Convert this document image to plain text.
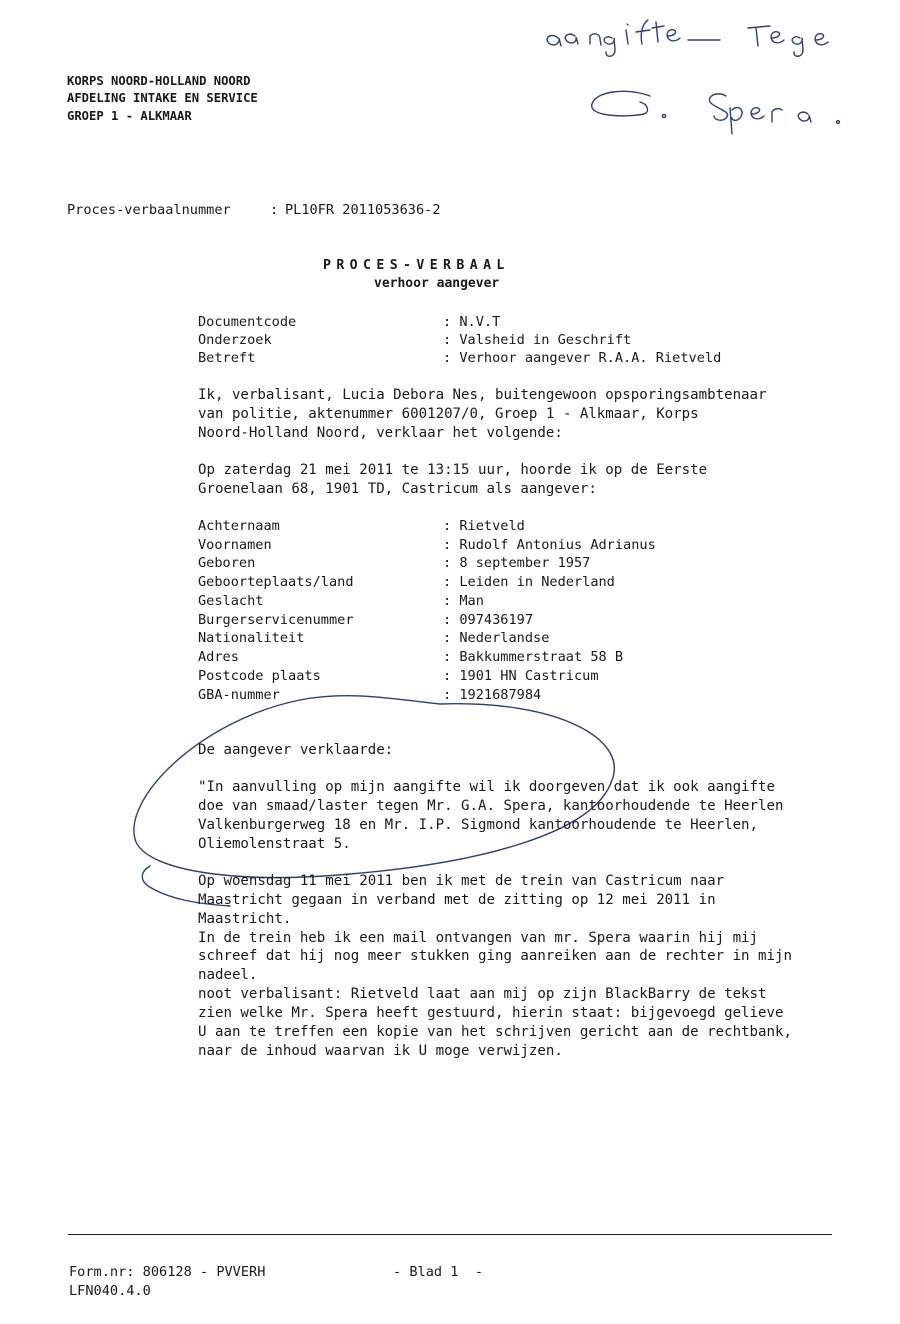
KORPS NOORD-HOLLAND NOORD
AFDELING INTAKE EN SERVICE
GROEP 1 - ALKMAAR
Proces-verbaalnummer	: PL10FR 2011053636-2
PROCES-VERBAAL
verhoor aangever
Documentcode	: N.V.T
Onderzoek	: Valsheid in Geschrift
Betreft	: Verhoor aangever R.A.A. Rietveld
Ik, verbalisant, Lucia Debora Nes, buitengewoon opsporingsambtenaar
van politie, aktenummer 6001207/0, Groep 1 - Alkmaar, Korps
Noord-Holland Noord, verklaar het volgende:
Op zaterdag 21 mei 2011 te 13:15 uur, hoorde ik op de Eerste
Groenelaan 68, 1901 TD, Castricum als aangever:
Achternaam	: Rietveld
Voornamen	: Rudolf Antonius Adrianus
Geboren	: 8 september 1957
Geboorteplaats/land	: Leiden in Nederland
Geslacht	: Man
Burgerservicenummer	: 097436197
Nationaliteit	: Nederlandse
Adres	: Bakkummerstraat 58 B
Postcode plaats	: 1901 HN Castricum
GBA-nummer	: 1921687984
De aangever verklaarde:
"In aanvulling op mijn aangifte wil ik doorgeven dat ik ook aangifte
doe van smaad/laster tegen Mr. G.A. Spera, kantoorhoudende te Heerlen
Valkenburgerweg 18 en Mr. I.P. Sigmond kantoorhoudende te Heerlen,
Oliemolenstraat 5.
Op woensdag 11 mei 2011 ben ik met de trein van Castricum naar
Maastricht gegaan in verband met de zitting op 12 mei 2011 in
Maastricht.
In de trein heb ik een mail ontvangen van mr. Spera waarin hij mij
schreef dat hij nog meer stukken ging aanreiken aan de rechter in mijn
nadeel.
noot verbalisant: Rietveld laat aan mij op zijn BlackBarry de tekst
zien welke Mr. Spera heeft gestuurd, hierin staat: bijgevoegd gelieve
U aan te treffen een kopie van het schrijven gericht aan de rechtbank,
naar de inhoud waarvan ik U moge verwijzen.
Form.nr: 806128 - PVVERH	- Blad 1  -
LFN040.4.0
